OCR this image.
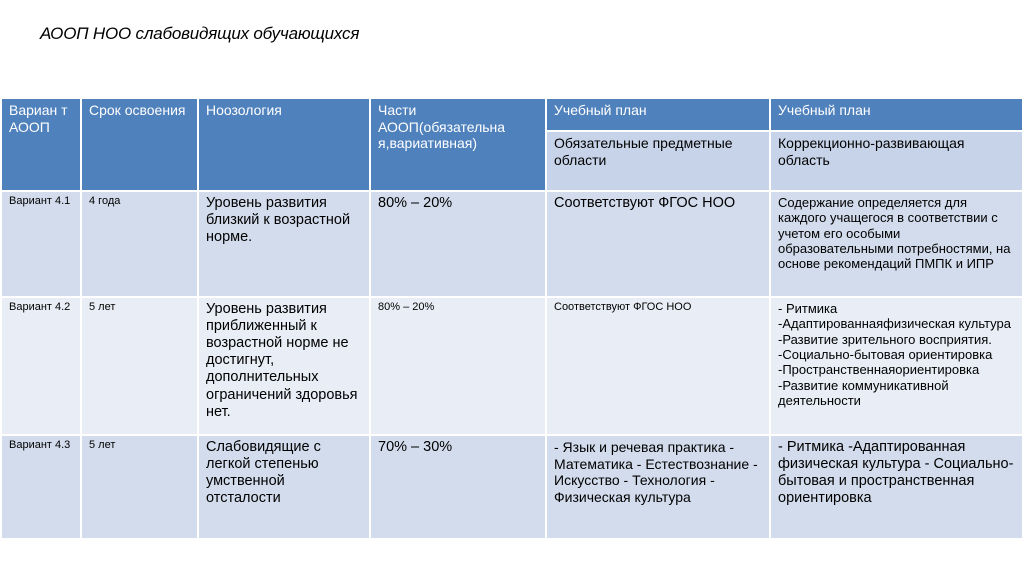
АООП НОО слабовидящих обучающихся
Вариан т АООП	Срок освоения	Ноозология	Части АООП(обязательна я,вариативная)	Учебный план	Учебный план
				Обязательные предметные области	Коррекционно-развивающая область
Вариант 4.1	4 года	Уровень развития близкий к возрастной норме.	80% – 20%	Соответствуют ФГОС НОО	Содержание определяется для каждого учащегося в соответствии с учетом его особыми образовательными потребностями, на основе рекомендаций ПМПК и ИПР
Вариант 4.2	5 лет	Уровень развития приближенный к возрастной норме не достигнут, дополнительных ограничений здоровья нет.	80% – 20%	Соответствуют ФГОС НОО	- Ритмика -Адаптированнаяфизическая культура -Развитие зрительного восприятия. -Социально-бытовая ориентировка -Пространственнаяориентировка -Развитие коммуникативной деятельности
Вариант 4.3	5 лет	Слабовидящие с легкой степенью умственной отсталости	70% – 30%	- Язык и речевая практика - Математика - Естествознание - Искусство - Технология - Физическая культура	- Ритмика -Адаптированная физическая культура - Социально-бытовая и пространственная ориентировка
